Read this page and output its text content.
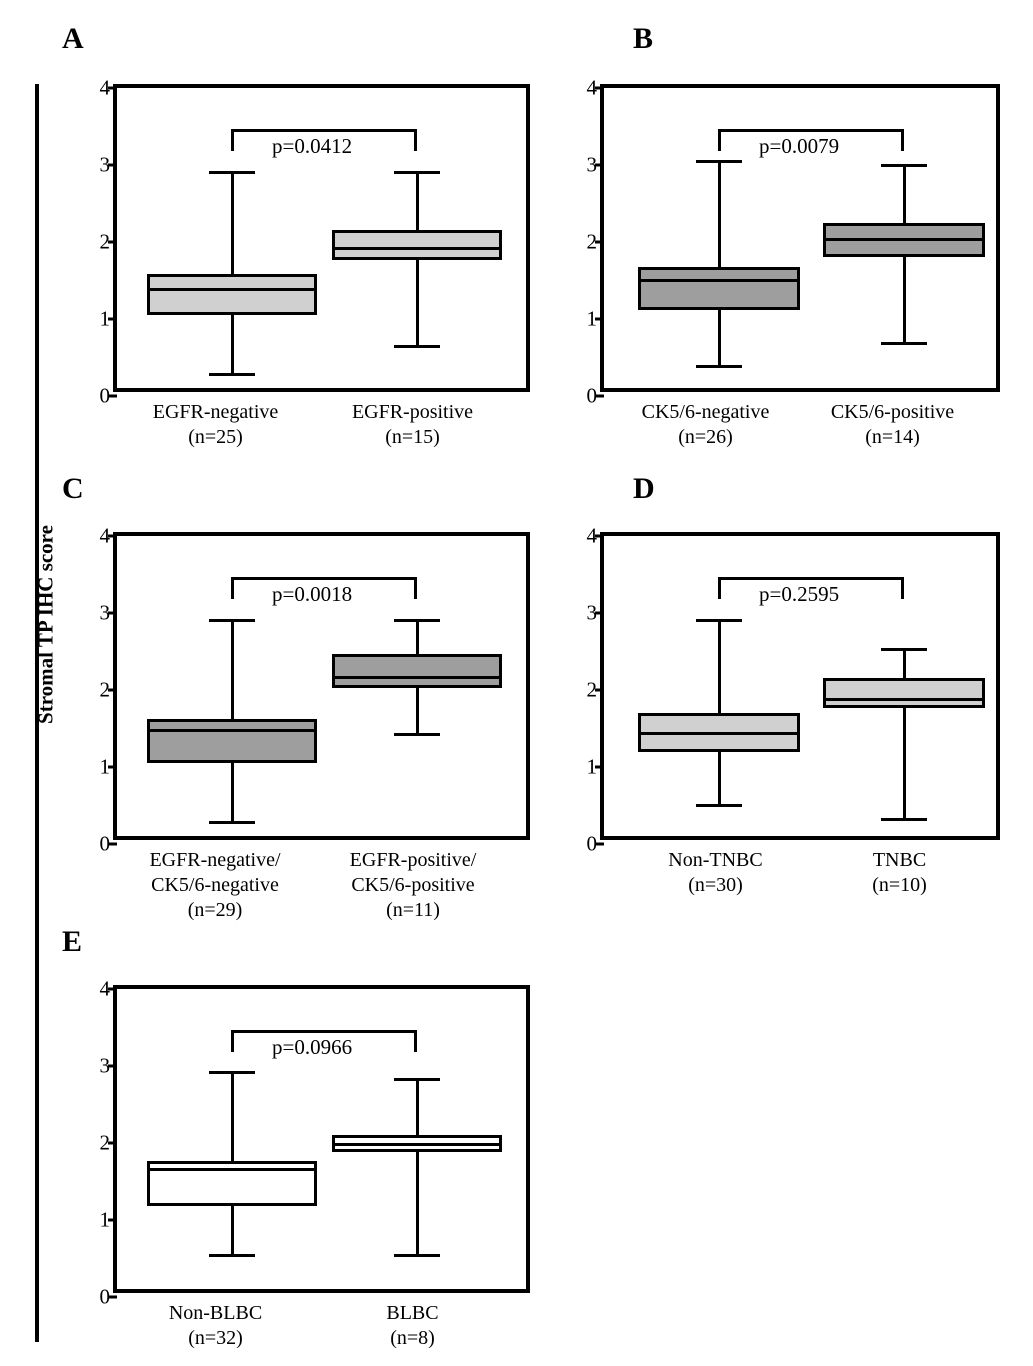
Stromal TP IHC score
A
0
1
2
3
4
p=0.0412
EGFR-negative
(n=25)
EGFR-positive
(n=15)
B
0
1
2
3
4
p=0.0079
CK5/6-negative
(n=26)
CK5/6-positive
(n=14)
C
0
1
2
3
4
p=0.0018
EGFR-negative/
CK5/6-negative
(n=29)
EGFR-positive/
CK5/6-positive
(n=11)
D
0
1
2
3
4
p=0.2595
Non-TNBC
(n=30)
TNBC
(n=10)
E
0
1
2
3
4
p=0.0966
Non-BLBC
(n=32)
BLBC
(n=8)
